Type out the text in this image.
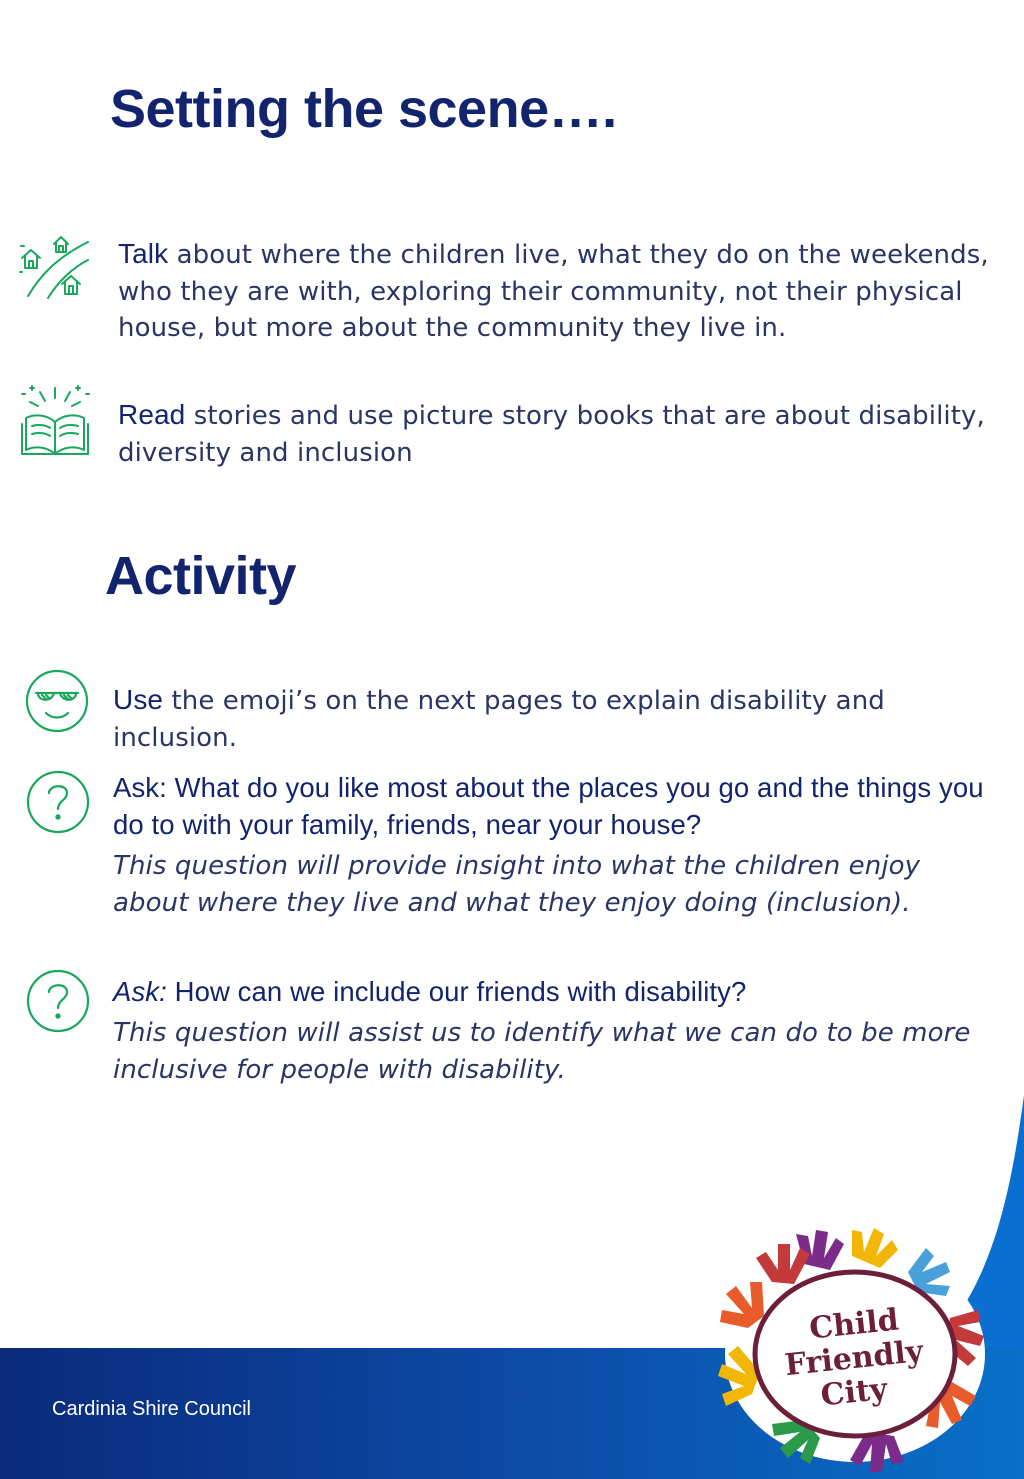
Setting the scene….

Talk about where the children live, what they do on the weekends, who they are with, exploring their community, not their physical house, but more about the community they live in.

Read stories and use picture story books that are about disability, diversity and inclusion

Activity

Use the emoji’s on the next pages to explain disability and inclusion.

Ask: What do you like most about the places you go and the things you do to with your family, friends, near your house?

This question will provide insight into what the children enjoy about where they live and what they enjoy doing (inclusion).

Ask: How can we include our friends with disability?

This question will assist us to identify what we can do to be more inclusive for people with disability.

Cardinia Shire Council
Child
Friendly
City
